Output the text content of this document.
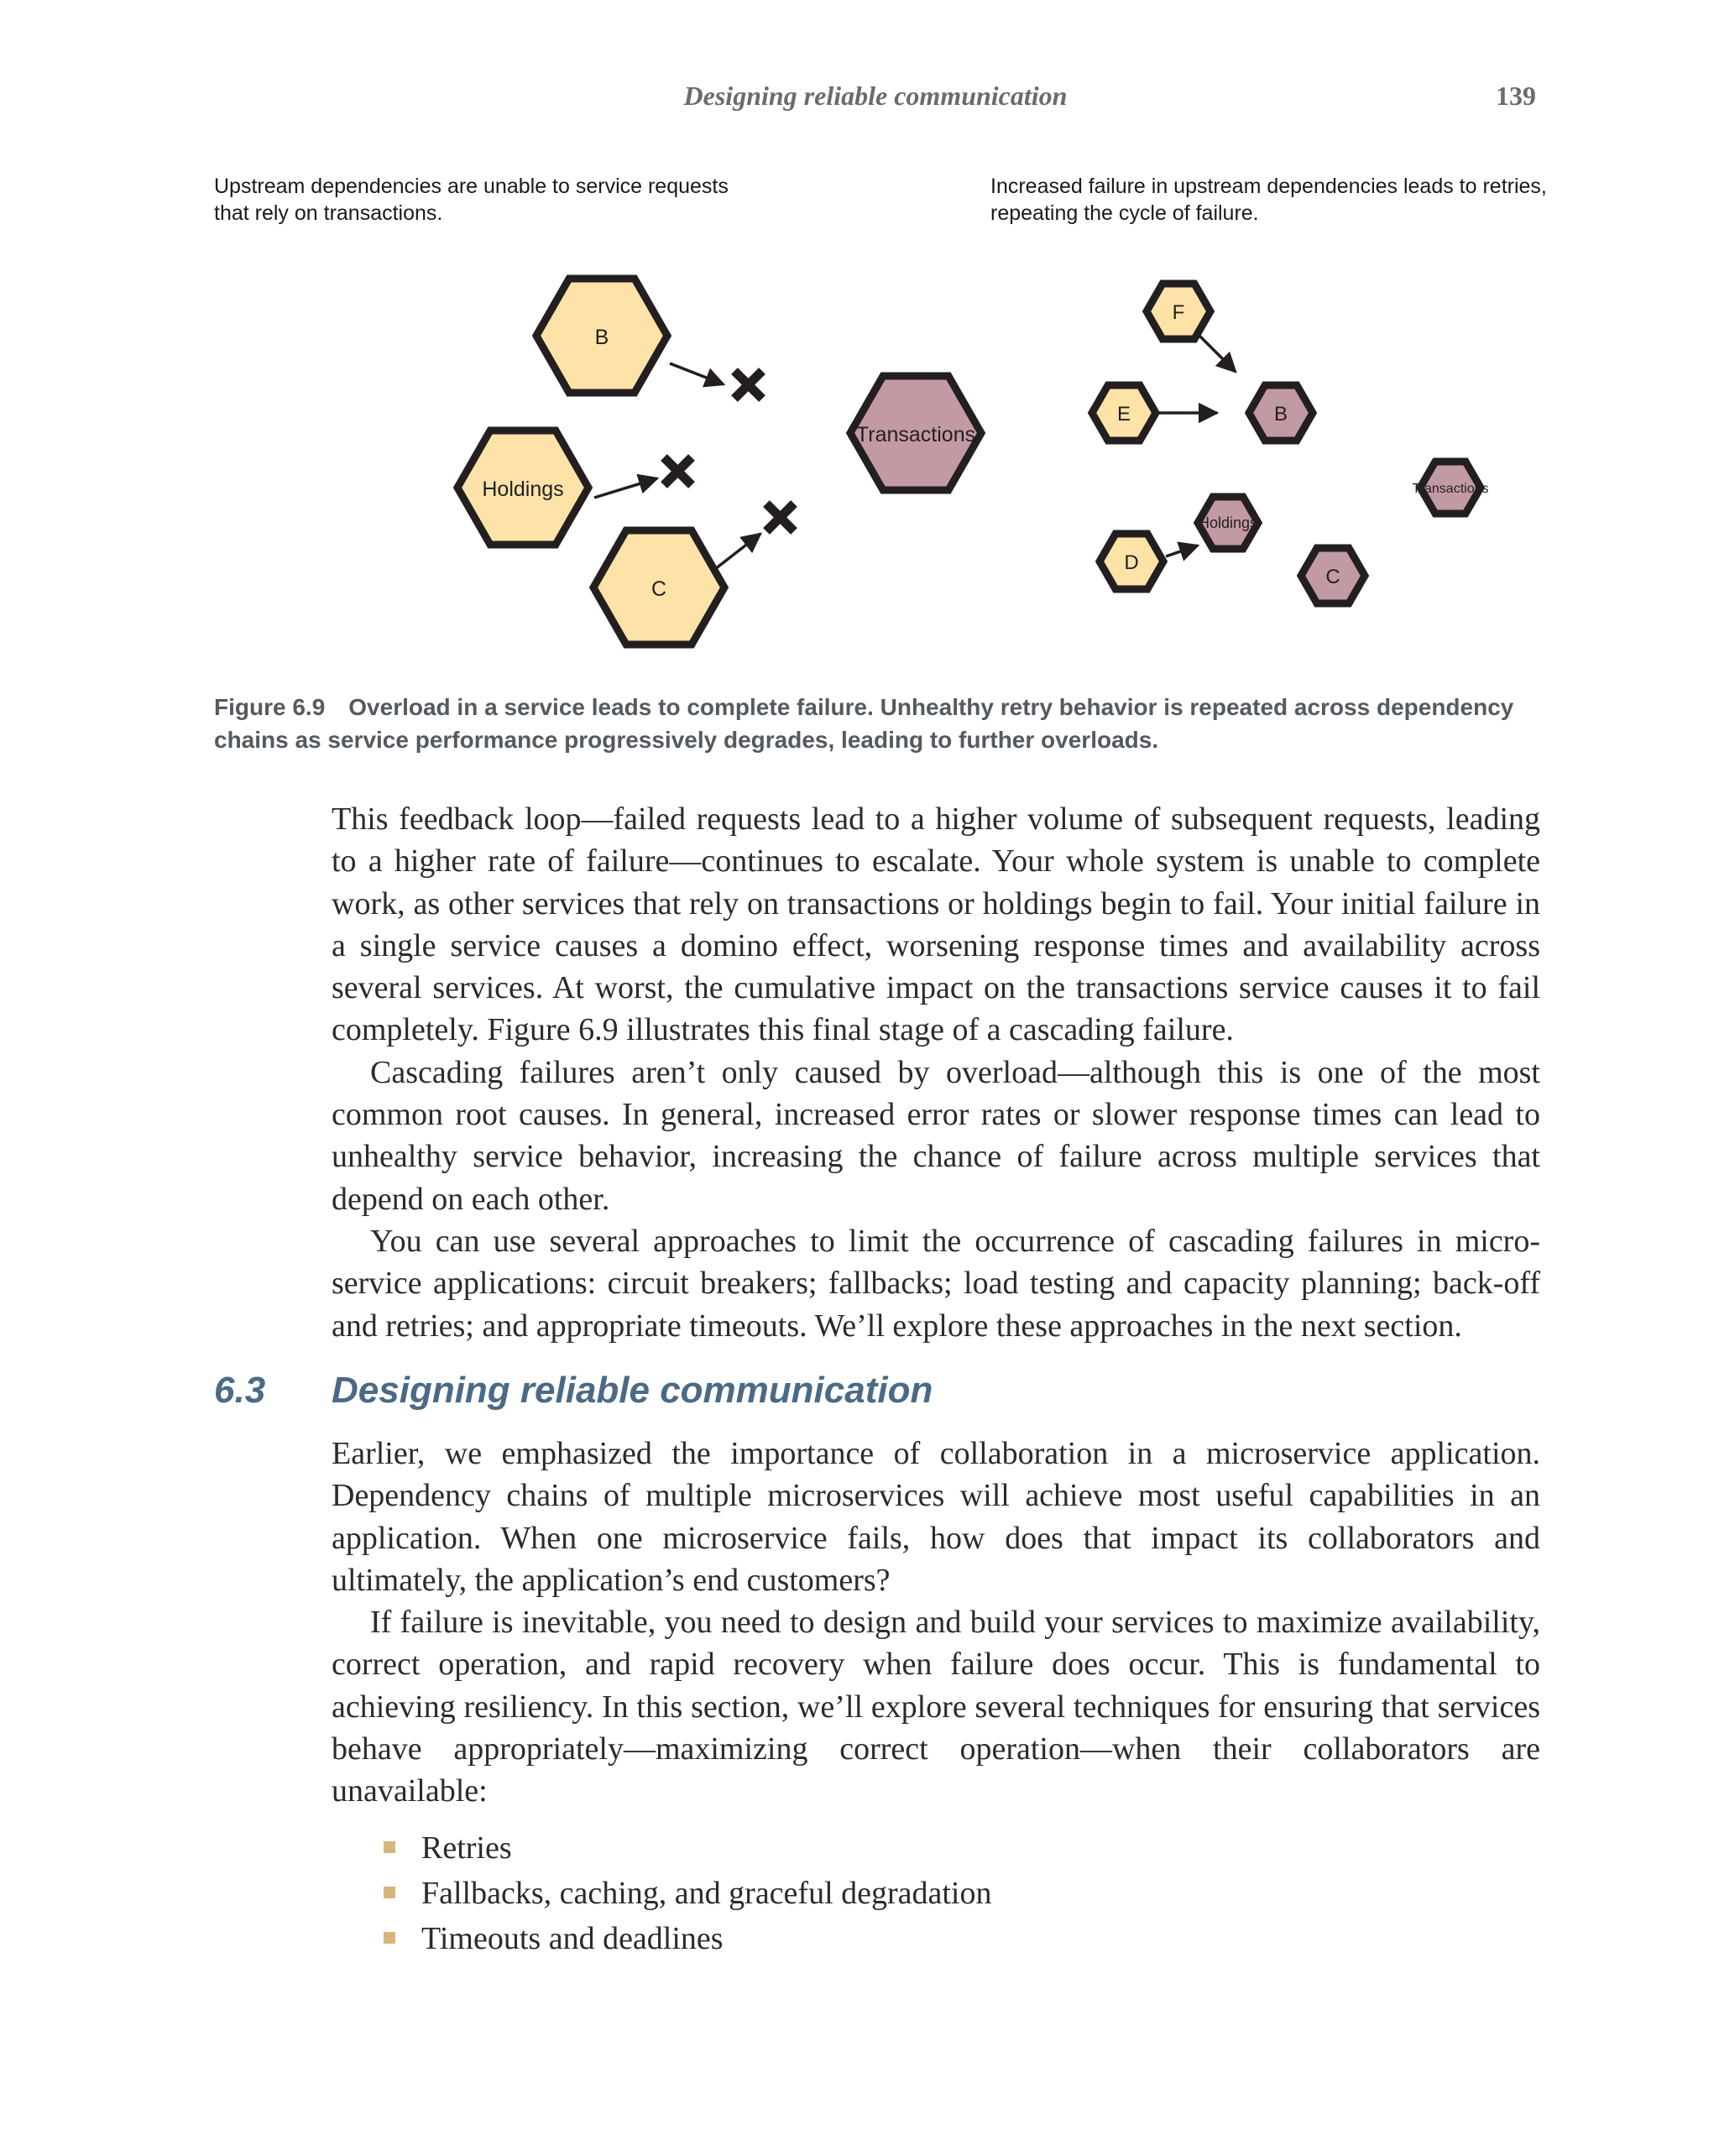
Designing reliable communication	139

Upstream dependencies are unable to service requests that rely on transactions.

Increased failure in upstream dependencies leads to retries, repeating the cycle of failure.

B
Holdings
C
Transactions
F
E	B
Transactions
Holdings
D
C
Figure 6.9 Overload in a service leads to complete failure. Unhealthy retry behavior is repeated across dependency chains as service performance progressively degrades, leading to further overloads.

This feedback loop—failed requests lead to a higher volume of subsequent requests, leading to a higher rate of failure—continues to escalate. Your whole system is unable to complete work, as other services that rely on transactions or holdings begin to fail. Your initial failure in a single service causes a domino effect, worsening response times and availability across several services. At worst, the cumulative impact on the transactions service causes it to fail completely. Figure 6.9 illustrates this final stage of a cascading failure.

Cascading failures aren’t only caused by overload—although this is one of the most common root causes. In general, increased error rates or slower response times can lead to unhealthy service behavior, increasing the chance of failure across multiple services that depend on each other.

You can use several approaches to limit the occurrence of cascading failures in microservice applications: circuit breakers; fallbacks; load testing and capacity planning; back-off and retries; and appropriate timeouts. We’ll explore these approaches in the next section.

6.3 Designing reliable communication

Earlier, we emphasized the importance of collaboration in a microservice application. Dependency chains of multiple microservices will achieve most useful capabilities in an application. When one microservice fails, how does that impact its collaborators and ultimately, the application’s end customers?

If failure is inevitable, you need to design and build your services to maximize availability, correct operation, and rapid recovery when failure does occur. This is fundamental to achieving resiliency. In this section, we’ll explore several techniques for ensuring that services behave appropriately—maximizing correct operation—when their collaborators are unavailable:

Retries
Fallbacks, caching, and graceful degradation
Timeouts and deadlines
